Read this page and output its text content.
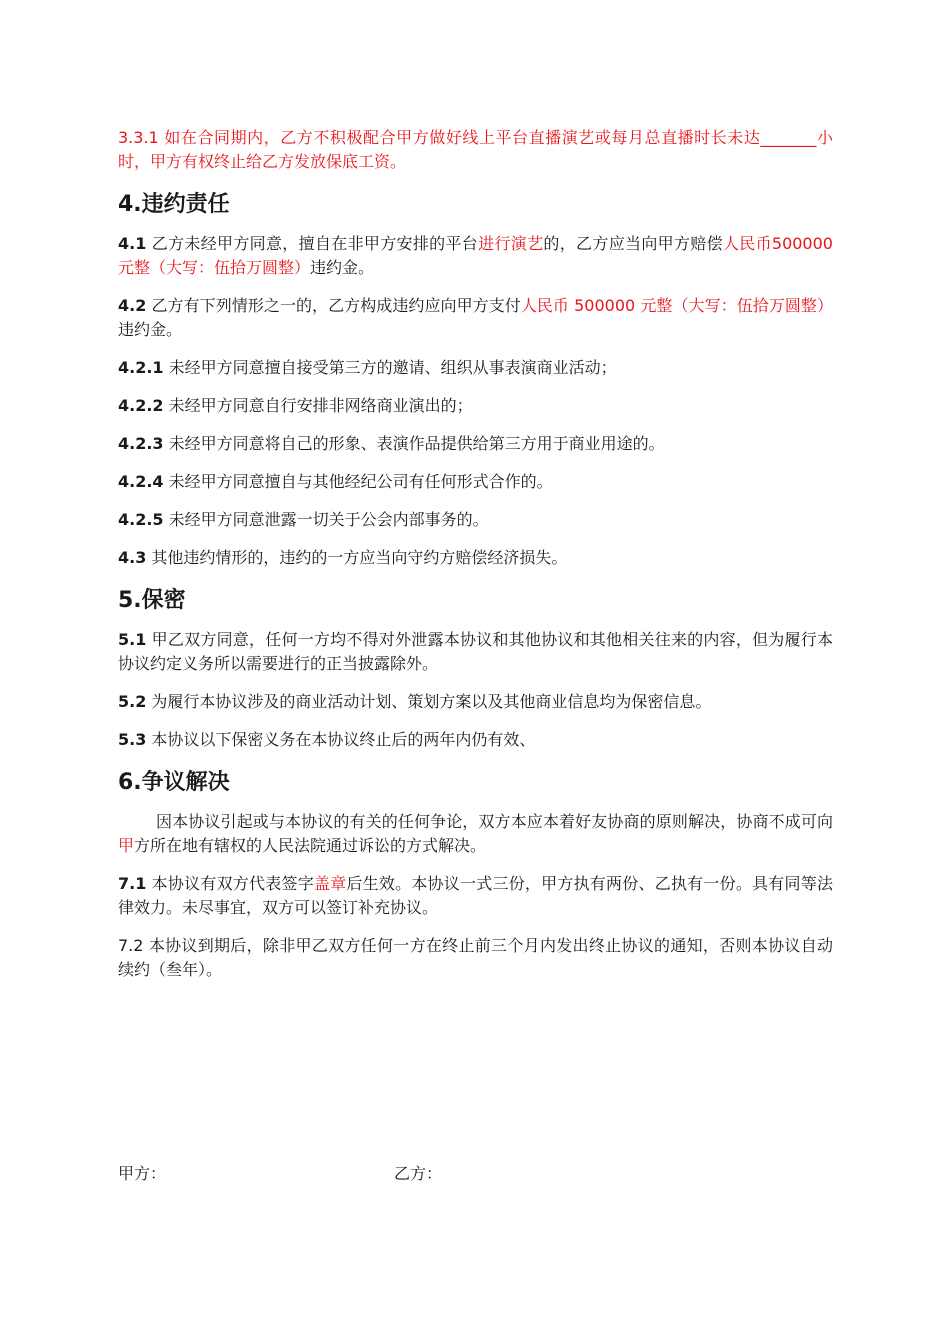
3.3.1 如在合同期内，乙方不积极配合甲方做好线上平台直播演艺或每月总直播时长未达_______小时，甲方有权终止给乙方发放保底工资。

4.违约责任

4.1 乙方未经甲方同意，擅自在非甲方安排的平台进行演艺的，乙方应当向甲方赔偿人民币500000 元整（大写：伍拾万圆整）违约金。

4.2 乙方有下列情形之一的，乙方构成违约应向甲方支付人民币 500000 元整（大写：伍拾万圆整）违约金。

4.2.1 未经甲方同意擅自接受第三方的邀请、组织从事表演商业活动；

4.2.2 未经甲方同意自行安排非网络商业演出的；

4.2.3 未经甲方同意将自己的形象、表演作品提供给第三方用于商业用途的。

4.2.4 未经甲方同意擅自与其他经纪公司有任何形式合作的。

4.2.5 未经甲方同意泄露一切关于公会内部事务的。

4.3 其他违约情形的，违约的一方应当向守约方赔偿经济损失。

5.保密

5.1 甲乙双方同意，任何一方均不得对外泄露本协议和其他协议和其他相关往来的内容，但为履行本协议约定义务所以需要进行的正当披露除外。

5.2 为履行本协议涉及的商业活动计划、策划方案以及其他商业信息均为保密信息。

5.3 本协议以下保密义务在本协议终止后的两年内仍有效、

6.争议解决

因本协议引起或与本协议的有关的任何争论，双方本应本着好友协商的原则解决，协商不成可向甲方所在地有辖权的人民法院通过诉讼的方式解决。

7.1 本协议有双方代表签字盖章后生效。本协议一式三份，甲方执有两份、乙执有一份。具有同等法律效力。未尽事宜，双方可以签订补充协议。

7.2 本协议到期后，除非甲乙双方任何一方在终止前三个月内发出终止协议的通知，否则本协议自动续约（叁年）。

甲方：	乙方：
